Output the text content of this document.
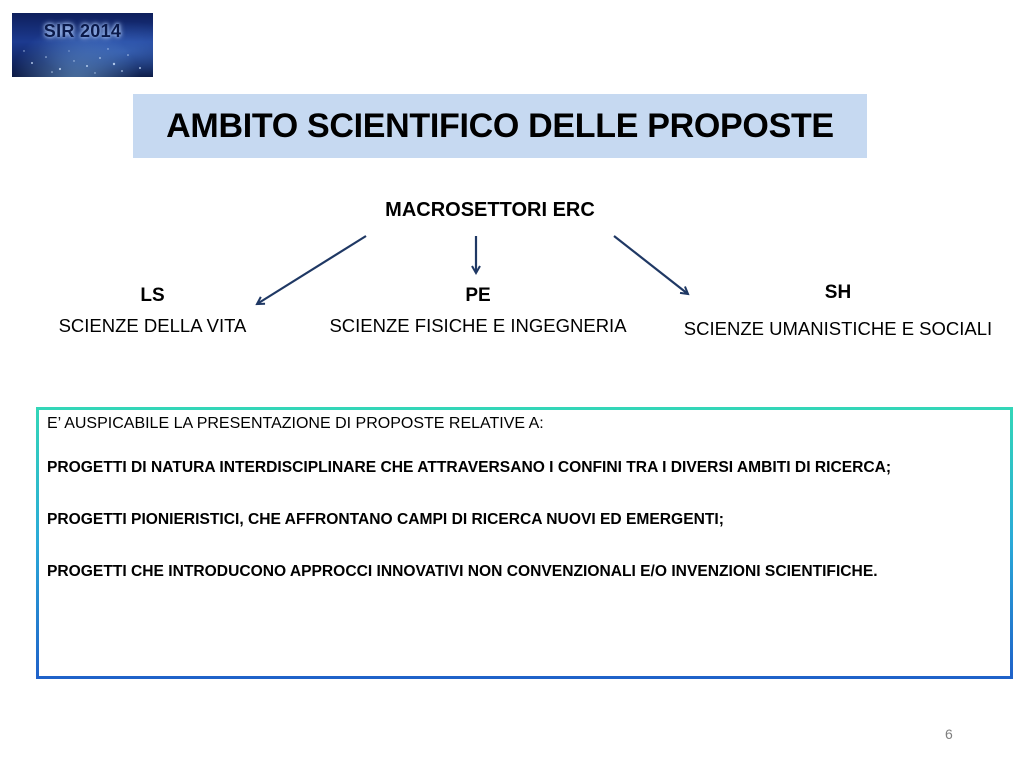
SIR 2014
AMBITO SCIENTIFICO DELLE PROPOSTE
MACROSETTORI ERC
LS
SCIENZE DELLA VITA
PE
SCIENZE FISICHE E INGEGNERIA
SH
SCIENZE UMANISTICHE E SOCIALI

E’ AUSPICABILE LA PRESENTAZIONE DI PROPOSTE RELATIVE A:

PROGETTI DI NATURA INTERDISCIPLINARE CHE ATTRAVERSANO I CONFINI TRA I DIVERSI AMBITI DI RICERCA;

PROGETTI PIONIERISTICI, CHE AFFRONTANO CAMPI DI RICERCA NUOVI ED EMERGENTI;

PROGETTI CHE INTRODUCONO APPROCCI INNOVATIVI NON CONVENZIONALI E/O INVENZIONI SCIENTIFICHE.

6
